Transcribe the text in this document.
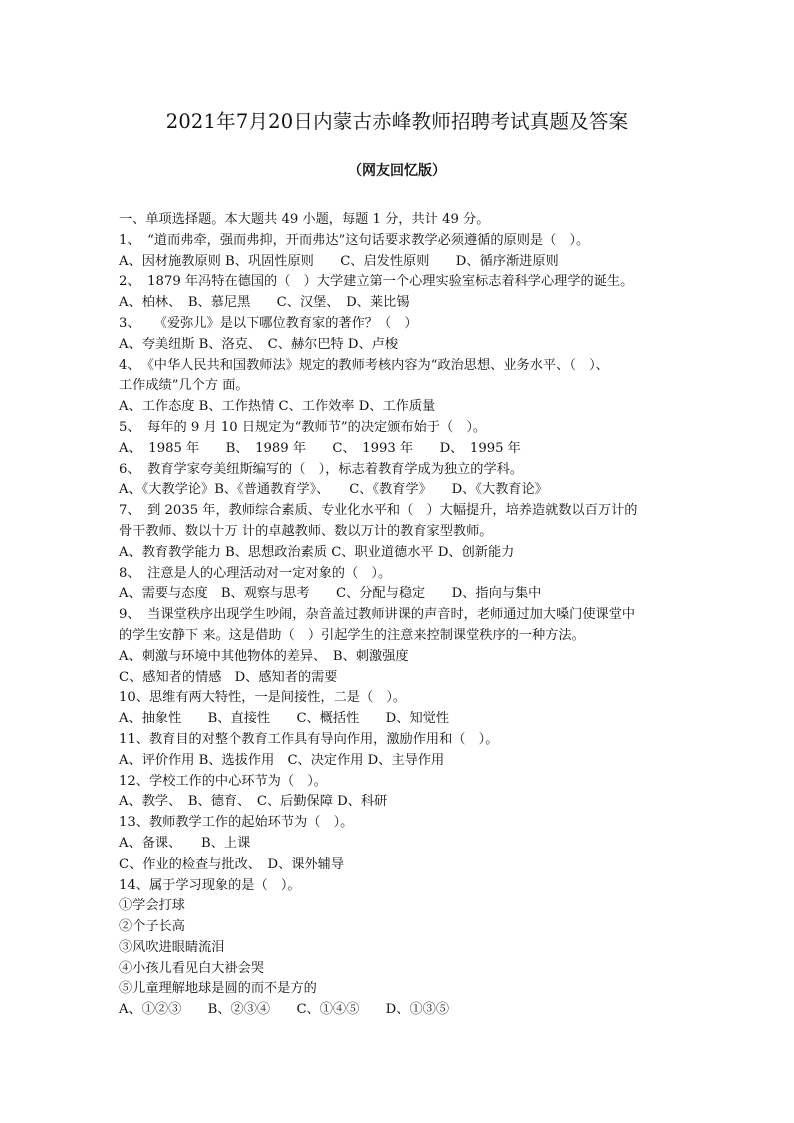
2021年7月20日内蒙古赤峰教师招聘考试真题及答案
（网友回忆版）
一、单项选择题。本大题共 49 小题，每题 1 分，共计 49 分。
1、　“道而弗牵，强而弗抑，开而弗达”这句话要求教学必须遵循的原则是（　）。
A、因材施教原则 B、巩固性原则　　C、启发性原则　　D、循序渐进原则
2、　1879 年冯特在德国的（　）大学建立第一个心理实验室标志着科学心理学的诞生。
A、柏林、　B、慕尼黑　　C、汉堡、　D、莱比锡
3、　　《爱弥儿》是以下哪位教育家的著作？（　）
A、夸美纽斯 B、洛克、　C、赫尔巴特 D、卢梭
4、　《中华人民共和国教师法》规定的教师考核内容为“政治思想、业务水平、（　）、
工作成绩”几个方 面。
A、工作态度 B、工作热情 C、工作效率 D、工作质量
5、　每年的 9 月 10 日规定为“教师节”的决定颁布始于（　）。
A、　1985 年　　B、　1989 年　　C、　1993 年　　D、　1995 年
6、　教育学家夸美纽斯编写的（　），标志着教育学成为独立的学科。
A、《大教学论》B、《普通教育学》、　　C、《教育学》　　D、《大教育论》
7、　到 2035 年，教师综合素质、专业化水平和（　）大幅提升，培养造就数以百万计的
骨干教师、数以十万 计的卓越教师、数以万计的教育家型教师。
A、教育教学能力 B、思想政治素质 C、职业道德水平 D、创新能力
8、　注意是人的心理活动对一定对象的（　）。
A、需要与态度　B、观察与思考　　C、分配与稳定　　D、指向与集中
9、　当课堂秩序出现学生吵闹，杂音盖过教师讲课的声音时，老师通过加大嗓门使课堂中
的学生安静下 来。这是借助（　）引起学生的注意来控制课堂秩序的一种方法。
A、刺激与环境中其他物体的差异、　B、刺激强度
C、感知者的情感　D、感知者的需要
10、思维有两大特性，一是间接性，二是（　）。
A、抽象性　　B、直接性　　C、概括性　　D、知觉性
11、教育目的对整个教育工作具有导向作用，激励作用和（　）。
A、评价作用 B、选拔作用　C、决定作用 D、主导作用
12、学校工作的中心环节为（　）。
A、教学、　B、德育、　C、后勤保障 D、科研
13、教师教学工作的起始环节为（　）。
A、备课、　　B、上课
C、作业的检查与批改、　D、课外辅导
14、属于学习现象的是（　）。
①学会打球
②个子长高
③风吹进眼睛流泪
④小孩儿看见白大褂会哭
⑤儿童理解地球是圆的而不是方的
A、①②③　　B、②③④　　C、①④⑤　　D、①③⑤
